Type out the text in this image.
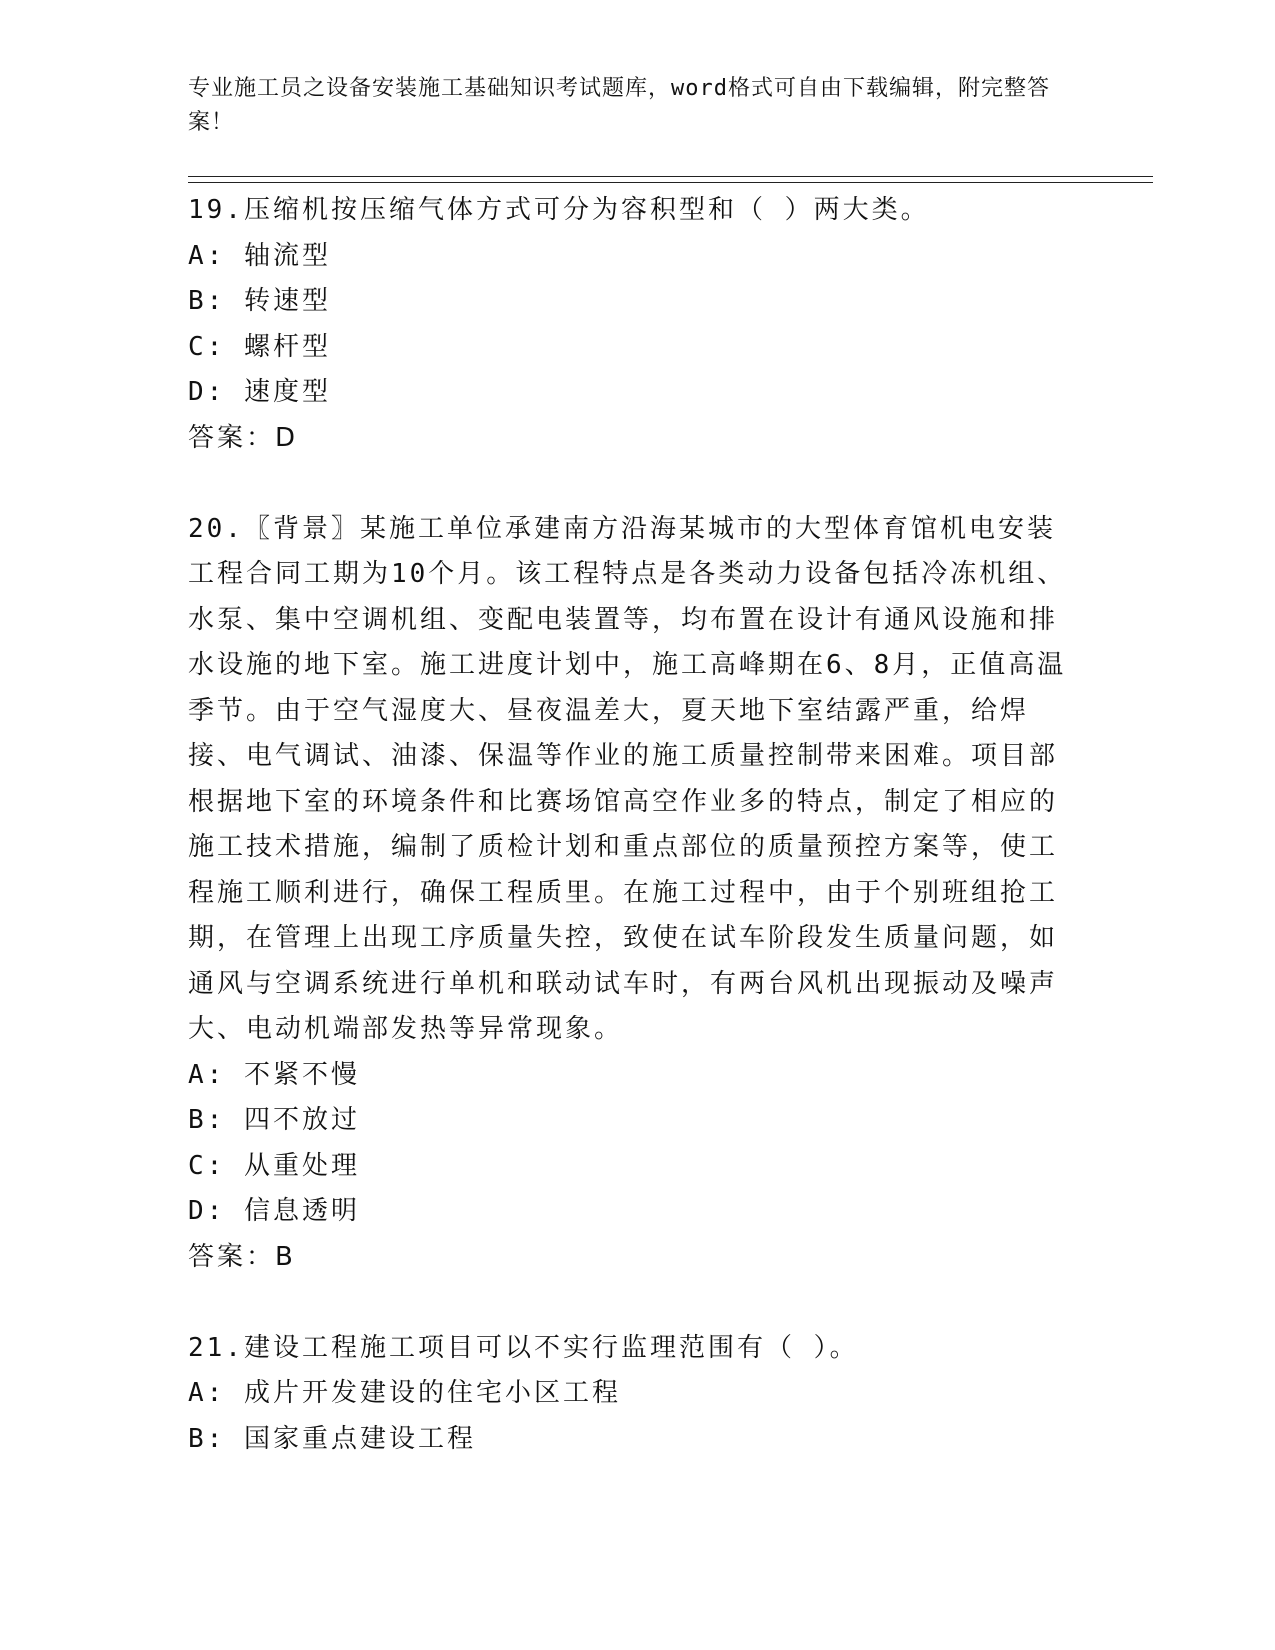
专业施工员之设备安装施工基础知识考试题库，word格式可自由下载编辑，附完整答案！

19.压缩机按压缩气体方式可分为容积型和（ ）两大类。

A: 轴流型

B: 转速型

C: 螺杆型

D: 速度型

答案：D

20.〖背景〗某施工单位承建南方沿海某城市的大型体育馆机电安装工程合同工期为10个月。该工程特点是各类动力设备包括冷冻机组、水泵、集中空调机组、变配电装置等，均布置在设计有通风设施和排水设施的地下室。施工进度计划中，施工高峰期在6、8月，正值高温季节。由于空气湿度大、昼夜温差大，夏天地下室结露严重，给焊接、电气调试、油漆、保温等作业的施工质量控制带来困难。项目部根据地下室的环境条件和比赛场馆高空作业多的特点，制定了相应的施工技术措施，编制了质检计划和重点部位的质量预控方案等，使工程施工顺利进行，确保工程质里。在施工过程中，由于个别班组抢工期，在管理上出现工序质量失控，致使在试车阶段发生质量问题，如通风与空调系统进行单机和联动试车时，有两台风机出现振动及噪声大、电动机端部发热等异常现象。

A: 不紧不慢

B: 四不放过

C: 从重处理

D: 信息透明

答案：B

21.建设工程施工项目可以不实行监理范围有（ ）。

A: 成片开发建设的住宅小区工程

B: 国家重点建设工程
